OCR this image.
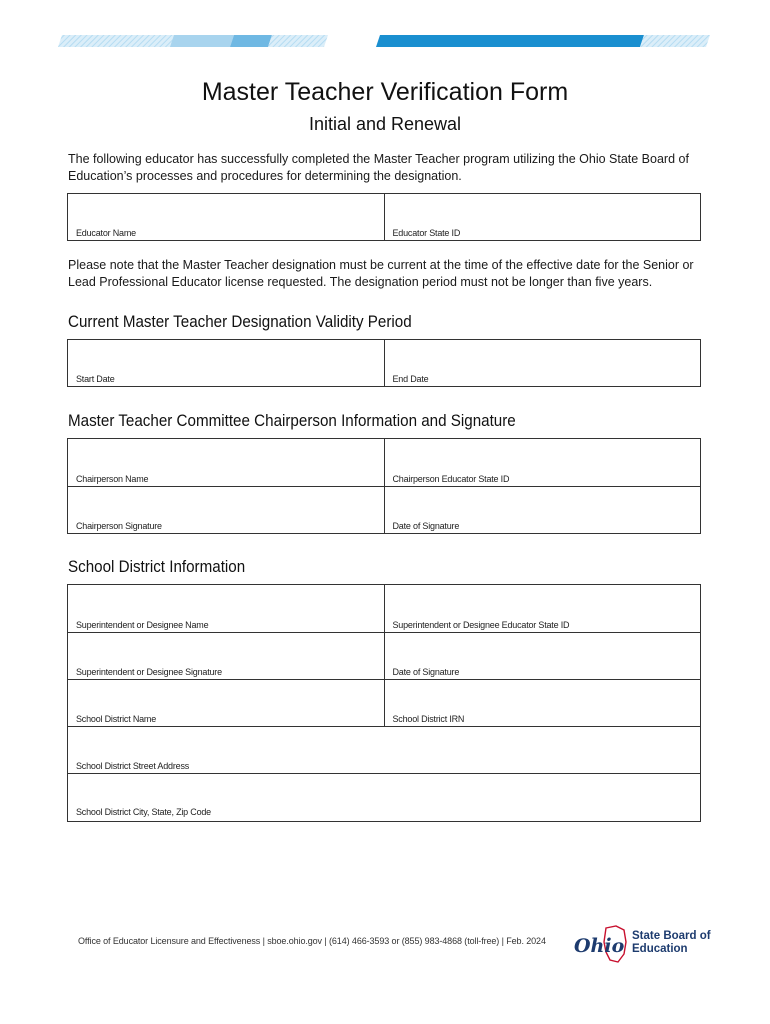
Master Teacher Verification Form
Initial and Renewal
The following educator has successfully completed the Master Teacher program utilizing the Ohio State Board of Education’s processes and procedures for determining the designation.
Educator Name	Educator State ID
Please note that the Master Teacher designation must be current at the time of the effective date for the Senior or Lead Professional Educator license requested. The designation period must not be longer than five years.
Current Master Teacher Designation Validity Period
Start Date	End Date
Master Teacher Committee Chairperson Information and Signature
Chairperson Name	Chairperson Educator State ID
Chairperson Signature	Date of Signature
School District Information
Superintendent or Designee Name	Superintendent or Designee Educator State ID
Superintendent or Designee Signature	Date of Signature
School District Name	School District IRN
School District Street Address
School District City, State, Zip Code
Office of Educator Licensure and Effectiveness | sboe.ohio.gov | (614) 466-3593 or (855) 983-4868 (toll-free) | Feb. 2024 Ohio State Board of
Education
